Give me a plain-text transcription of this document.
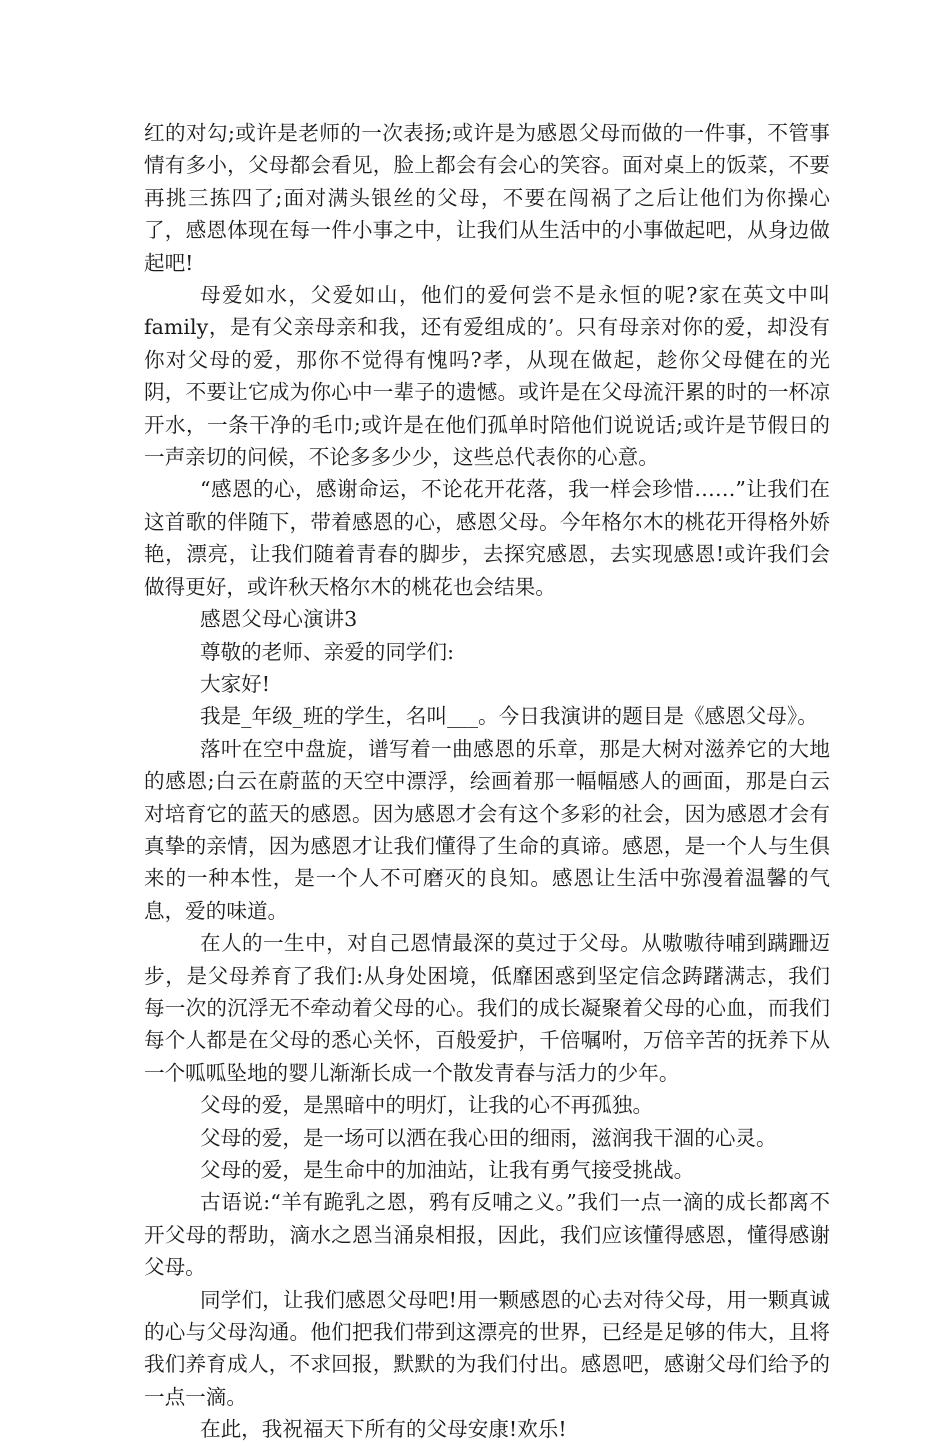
红的对勾;或许是老师的一次表扬;或许是为感恩父母而做的一件事，不管事情有多小，父母都会看见，脸上都会有会心的笑容。面对桌上的饭菜，不要再挑三拣四了;面对满头银丝的父母，不要在闯祸了之后让他们为你操心了，感恩体现在每一件小事之中，让我们从生活中的小事做起吧，从身边做起吧!

母爱如水，父爱如山，他们的爱何尝不是永恒的呢?家在英文中叫family，是有父亲母亲和我，还有爱组成的’。只有母亲对你的爱，却没有你对父母的爱，那你不觉得有愧吗?孝，从现在做起，趁你父母健在的光阴，不要让它成为你心中一辈子的遗憾。或许是在父母流汗累的时的一杯凉开水，一条干净的毛巾;或许是在他们孤单时陪他们说说话;或许是节假日的一声亲切的问候，不论多多少少，这些总代表你的心意。

“感恩的心，感谢命运，不论花开花落，我一样会珍惜……”让我们在这首歌的伴随下，带着感恩的心，感恩父母。今年格尔木的桃花开得格外娇艳，漂亮，让我们随着青春的脚步，去探究感恩，去实现感恩!或许我们会做得更好，或许秋天格尔木的桃花也会结果。

感恩父母心演讲3

尊敬的老师、亲爱的同学们:

大家好!

我是_年级_班的学生，名叫___。今日我演讲的题目是《感恩父母》。

落叶在空中盘旋，谱写着一曲感恩的乐章，那是大树对滋养它的大地的感恩;白云在蔚蓝的天空中漂浮，绘画着那一幅幅感人的画面，那是白云对培育它的蓝天的感恩。因为感恩才会有这个多彩的社会，因为感恩才会有真挚的亲情，因为感恩才让我们懂得了生命的真谛。感恩，是一个人与生俱来的一种本性，是一个人不可磨灭的良知。感恩让生活中弥漫着温馨的气息，爱的味道。

在人的一生中，对自己恩情最深的莫过于父母。从嗷嗷待哺到蹒跚迈步，是父母养育了我们:从身处困境，低靡困惑到坚定信念踌躇满志，我们每一次的沉浮无不牵动着父母的心。我们的成长凝聚着父母的心血，而我们每个人都是在父母的悉心关怀，百般爱护，千倍嘱咐，万倍辛苦的抚养下从一个呱呱坠地的婴儿渐渐长成一个散发青春与活力的少年。

父母的爱，是黑暗中的明灯，让我的心不再孤独。

父母的爱，是一场可以洒在我心田的细雨，滋润我干涸的心灵。

父母的爱，是生命中的加油站，让我有勇气接受挑战。

古语说:“羊有跪乳之恩，鸦有反哺之义。”我们一点一滴的成长都离不开父母的帮助，滴水之恩当涌泉相报，因此，我们应该懂得感恩，懂得感谢父母。

同学们，让我们感恩父母吧!用一颗感恩的心去对待父母，用一颗真诚的心与父母沟通。他们把我们带到这漂亮的世界，已经是足够的伟大，且将我们养育成人，不求回报，默默的为我们付出。感恩吧，感谢父母们给予的一点一滴。

在此，我祝福天下所有的父母安康!欢乐!
